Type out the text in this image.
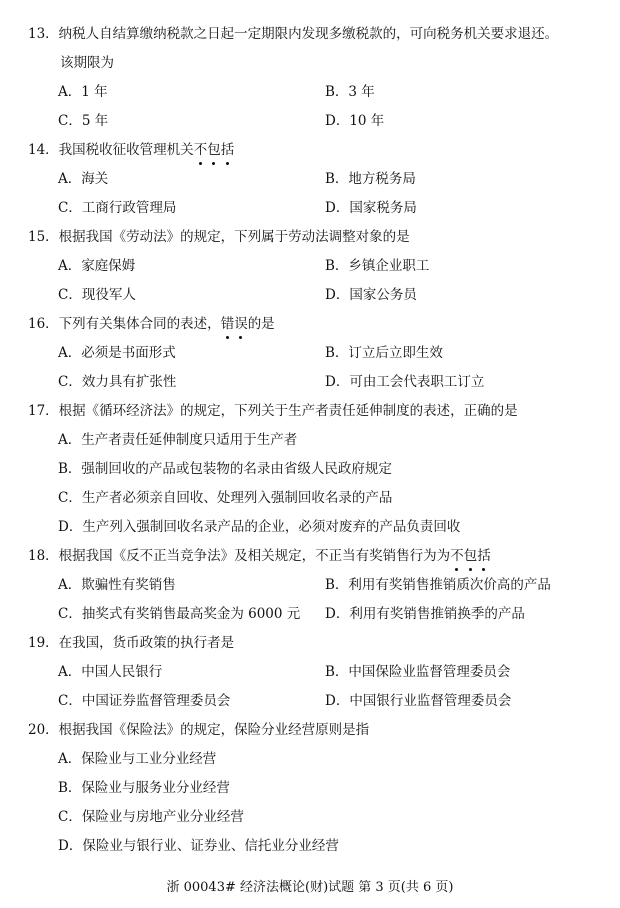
13．纳税人自结算缴纳税款之日起一定期限内发现多缴税款的，可向税务机关要求退还。
该期限为
A．1 年	B．3 年
C．5 年	D．10 年
14．我国税收征收管理机关不
包
括
A．海关	B．地方税务局
C．工商行政管理局	D．国家税务局
15．根据我国《劳动法》的规定，下列属于劳动法调整对象的是
A．家庭保姆	B．乡镇企业职工
C．现役军人	D．国家公务员
16．下列有关集体合同的表述，错
误
的是
A．必须是书面形式	B．订立后立即生效
C．效力具有扩张性	D．可由工会代表职工订立
17．根据《循环经济法》的规定，下列关于生产者责任延伸制度的表述，正确的是
A．生产者责任延伸制度只适用于生产者
B．强制回收的产品或包装物的名录由省级人民政府规定
C．生产者必须亲自回收、处理列入强制回收名录的产品
D．生产列入强制回收名录产品的企业，必须对废弃的产品负责回收
18．根据我国《反不正当竞争法》及相关规定，不正当有奖销售行为为不
包
括
A．欺骗性有奖销售	B．利用有奖销售推销质次价高的产品
C．抽奖式有奖销售最高奖金为 6000 元 D．利用有奖销售推销换季的产品
19．在我国，货币政策的执行者是
A．中国人民银行	B．中国保险业监督管理委员会
C．中国证券监督管理委员会	D．中国银行业监督管理委员会
20．根据我国《保险法》的规定，保险分业经营原则是指
A．保险业与工业分业经营
B．保险业与服务业分业经营
C．保险业与房地产业分业经营
D．保险业与银行业、证券业、信托业分业经营
浙 00043# 经济法概论(财)试题 第 3 页(共 6 页)
